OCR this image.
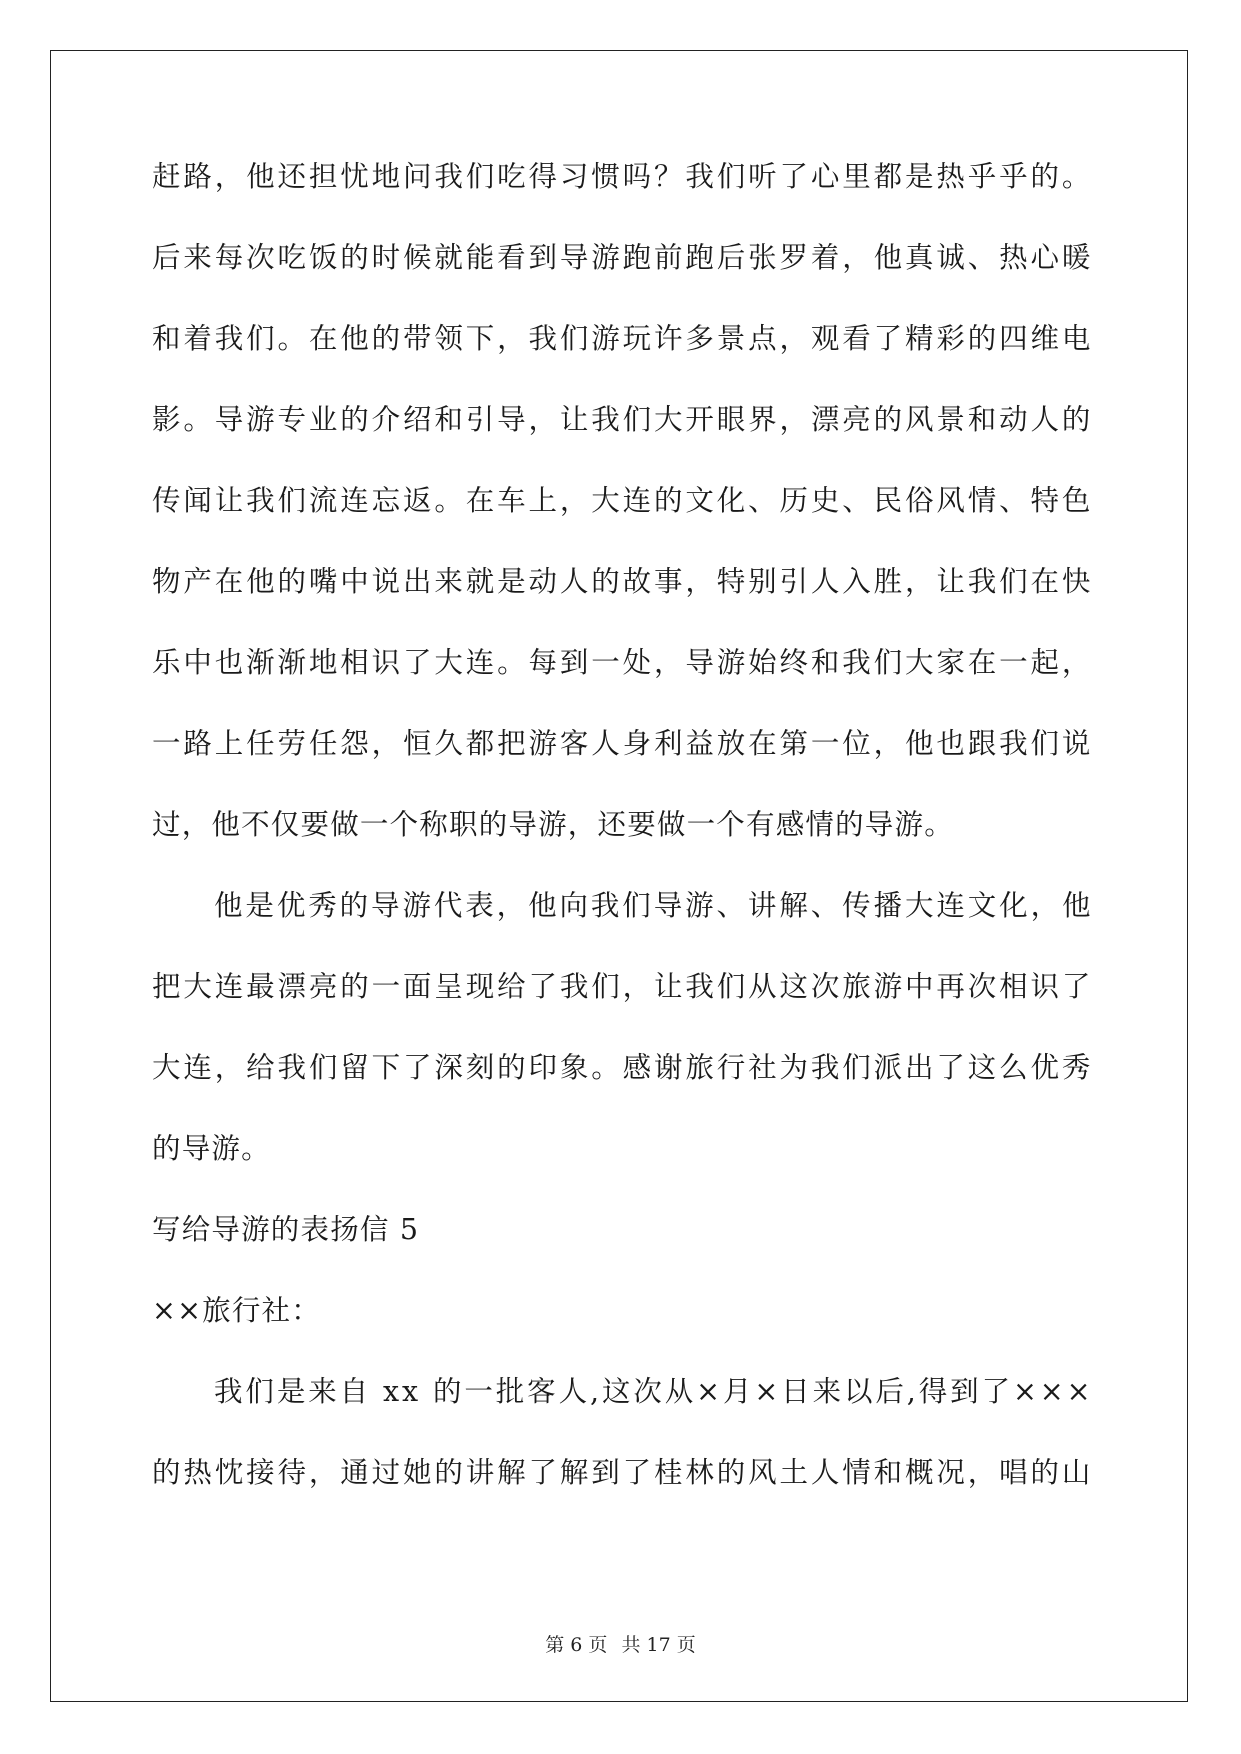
赶 路 ， 他 还 担 忧 地 问 我 们 吃 得 习 惯 吗 ？ 我 们 听 了 心 里 都 是 热 乎 乎 的 。
后 来 每 次 吃 饭 的 时 候 就 能 看 到 导 游 跑 前 跑 后 张 罗 着 ， 他 真 诚 、 热 心 暖
和 着 我 们 。 在 他 的 带 领 下 ， 我 们 游 玩 许 多 景 点 ， 观 看 了 精 彩 的 四 维 电
影 。 导 游 专 业 的 介 绍 和 引 导 ， 让 我 们 大 开 眼 界 ， 漂 亮 的 风 景 和 动 人 的
传 闻 让 我 们 流 连 忘 返 。 在 车 上 ， 大 连 的 文 化 、 历 史 、 民 俗 风 情 、 特 色
物 产 在 他 的 嘴 中 说 出 来 就 是 动 人 的 故 事 ， 特 别 引 人 入 胜 ， 让 我 们 在 快
乐 中 也 渐 渐 地 相 识 了 大 连 。 每 到 一 处 ， 导 游 始 终 和 我 们 大 家 在 一 起 ，
一 路 上 任 劳 任 怨 ， 恒 久 都 把 游 客 人 身 利 益 放 在 第 一 位 ， 他 也 跟 我 们 说
过，他不仅要做一个称职的导游，还要做一个有感情的导游。
他 是 优 秀 的 导 游 代 表 ， 他 向 我 们 导 游 、 讲 解 、 传 播 大 连 文 化 ， 他
把 大 连 最 漂 亮 的 一 面 呈 现 给 了 我 们 ， 让 我 们 从 这 次 旅 游 中 再 次 相 识 了
大 连 ， 给 我 们 留 下 了 深 刻 的 印 象 。 感 谢 旅 行 社 为 我 们 派 出 了 这 么 优 秀
的导游。
写给导游的表扬信 5
××旅行社：
我 们 是 来 自
x x
的 一 批 客 人 , 这 次 从 × 月 × 日 来 以 后 , 得 到 了 × × ×
的 热 忱 接 待 ， 通 过 她 的 讲 解 了 解 到 了 桂 林 的 风 土 人 情 和 概 况 ， 唱 的 山
第 6 页 共 17 页
